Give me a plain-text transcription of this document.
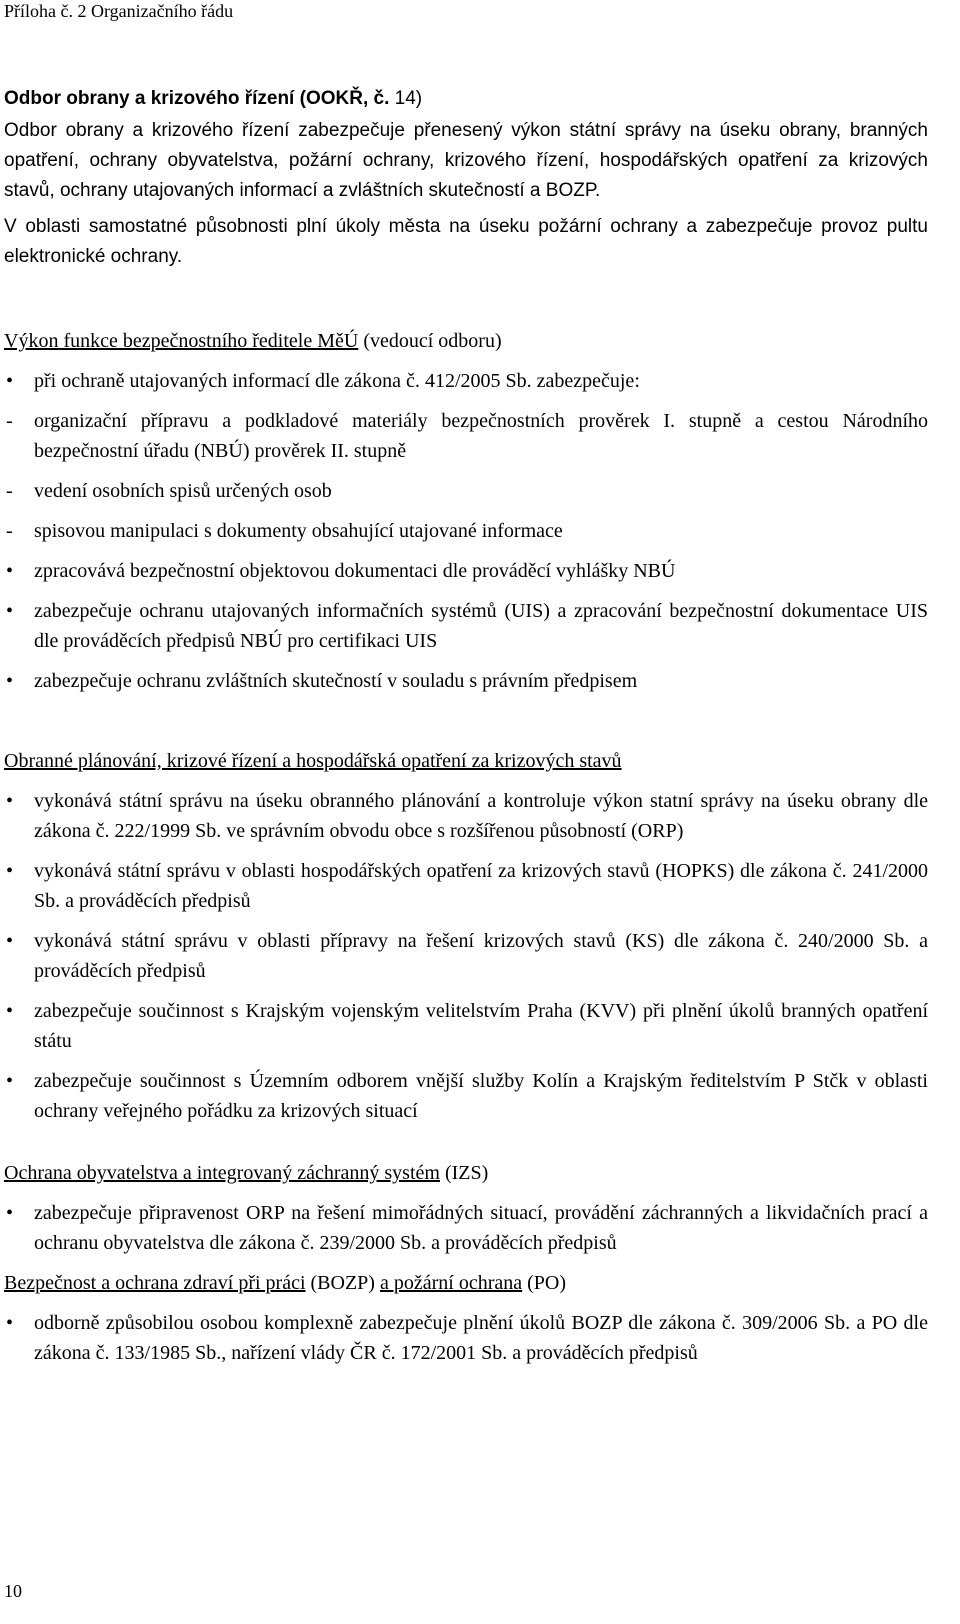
Příloha č. 2 Organizačního řádu
Odbor obrany a krizového řízení (OOKŘ, č. 14)

Odbor obrany a krizového řízení zabezpečuje přenesený výkon státní správy na úseku obrany, branných opatření, ochrany obyvatelstva, požární ochrany, krizového řízení, hospodářských opatření za krizových stavů, ochrany utajovaných informací a zvláštních skutečností a BOZP.

V oblasti samostatné působnosti plní úkoly města na úseku požární ochrany a zabezpečuje provoz pultu elektronické ochrany.

Výkon funkce bezpečnostního ředitele MěÚ (vedoucí odboru)

• při ochraně utajovaných informací dle zákona č. 412/2005 Sb. zabezpečuje:
- organizační přípravu a podkladové materiály bezpečnostních prověrek I. stupně a cestou Národního bezpečnostní úřadu (NBÚ) prověrek II. stupně
- vedení osobních spisů určených osob
- spisovou manipulaci s dokumenty obsahující utajované informace
• zpracovává bezpečnostní objektovou dokumentaci dle prováděcí vyhlášky NBÚ
• zabezpečuje ochranu utajovaných informačních systémů (UIS) a zpracování bezpečnostní dokumentace UIS dle prováděcích předpisů NBÚ pro certifikaci UIS
• zabezpečuje ochranu zvláštních skutečností v souladu s právním předpisem

Obranné plánování, krizové řízení a hospodářská opatření za krizových stavů

• vykonává státní správu na úseku obranného plánování a kontroluje výkon statní správy na úseku obrany dle zákona č. 222/1999 Sb. ve správním obvodu obce s rozšířenou působností (ORP)
• vykonává státní správu v oblasti hospodářských opatření za krizových stavů (HOPKS) dle zákona č. 241/2000 Sb. a prováděcích předpisů
• vykonává státní správu v oblasti přípravy na řešení krizových stavů (KS) dle zákona č. 240/2000 Sb. a prováděcích předpisů
• zabezpečuje součinnost s Krajským vojenským velitelstvím Praha (KVV) při plnění úkolů branných opatření státu
• zabezpečuje součinnost s Územním odborem vnější služby Kolín a Krajským ředitelstvím P Stčk v oblasti ochrany veřejného pořádku za krizových situací

Ochrana obyvatelstva a integrovaný záchranný systém (IZS)

• zabezpečuje připravenost ORP na řešení mimořádných situací, provádění záchranných a likvidačních prací a ochranu obyvatelstva dle zákona č. 239/2000 Sb. a prováděcích předpisů

Bezpečnost a ochrana zdraví při práci (BOZP) a požární ochrana (PO)

• odborně způsobilou osobou komplexně zabezpečuje plnění úkolů BOZP dle zákona č. 309/2006 Sb. a PO dle zákona č. 133/1985 Sb., nařízení vlády ČR č. 172/2001 Sb. a prováděcích předpisů
10
